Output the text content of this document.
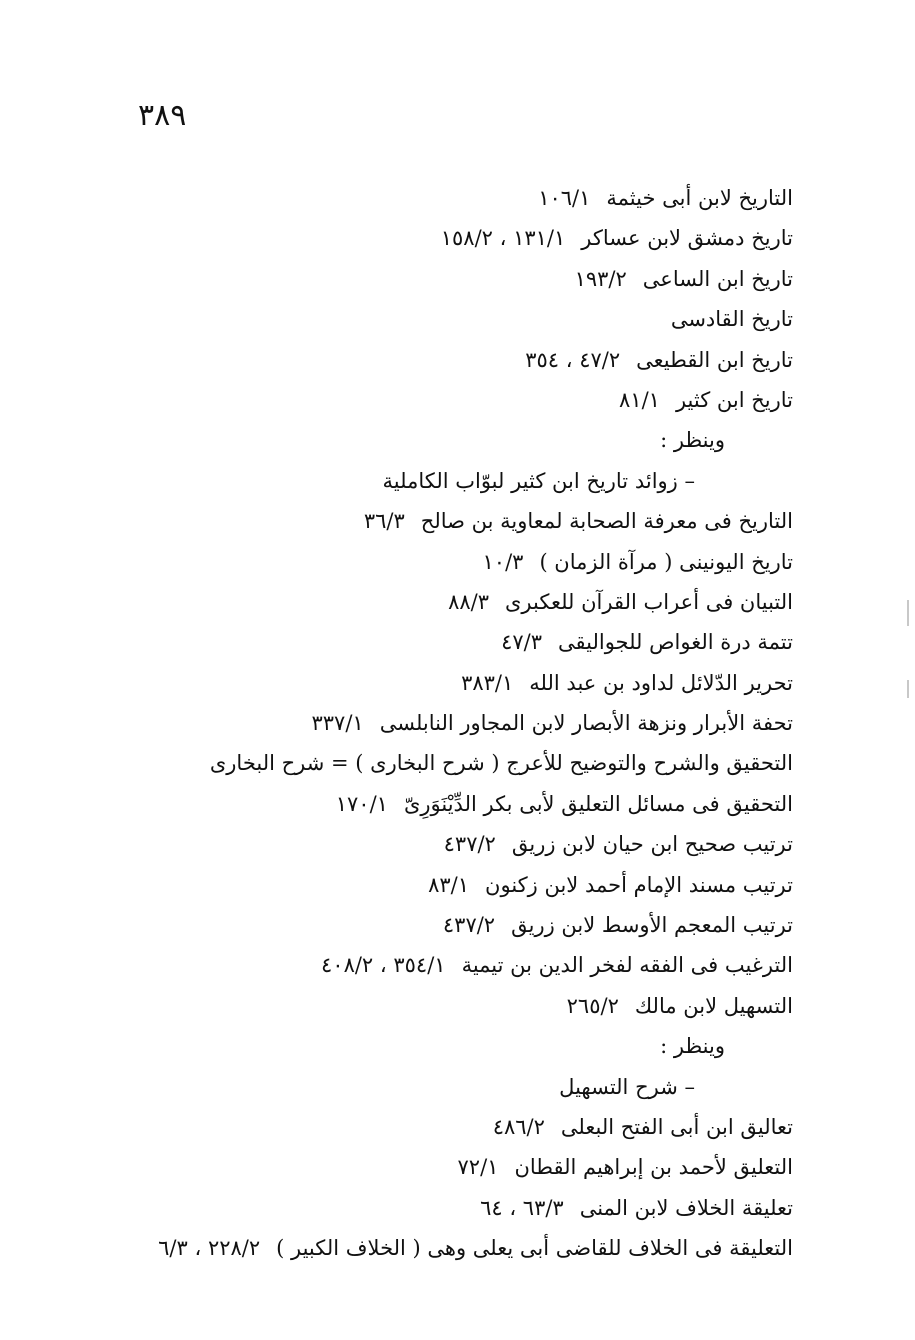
٣٨٩
التاريخ لابن أبى خيثمة١٠٦/١
تاريخ دمشق لابن عساكر١٣١/١ ، ١٥٨/٢
تاريخ ابن الساعى١٩٣/٢
تاريخ القادسى
تاريخ ابن القطيعى٤٧/٢ ، ٣٥٤
تاريخ ابن كثير٨١/١
وينظر :
– زوائد تاريخ ابن كثير لبوّاب الكاملية
التاريخ فى معرفة الصحابة لمعاوية بن صالح٣٦/٣
تاريخ اليونينى ( مرآة الزمان )١٠/٣
التبيان فى أعراب القرآن للعكبرى٨٨/٣
تتمة درة الغواص للجواليقى٤٧/٣
تحرير الدّلائل لداود بن عبد الله٣٨٣/١
تحفة الأبرار ونزهة الأبصار لابن المجاور النابلسى٣٣٧/١
التحقيق والشرح والتوضيح للأعرج ( شرح البخارى ) = شرح البخارى
التحقيق فى مسائل التعليق لأبى بكر الدِّيْنَوَرِىّ١٧٠/١
ترتيب صحيح ابن حيان لابن زريق٤٣٧/٢
ترتيب مسند الإمام أحمد لابن زكنون٨٣/١
ترتيب المعجم الأوسط لابن زريق٤٣٧/٢
الترغيب فى الفقه لفخر الدين بن تيمية٣٥٤/١ ، ٤٠٨/٢
التسهيل لابن مالك٢٦٥/٢
وينظر :
– شرح التسهيل
تعاليق ابن أبى الفتح البعلى٤٨٦/٢
التعليق لأحمد بن إبراهيم القطان٧٢/١
تعليقة الخلاف لابن المنى٦٣/٣ ، ٦٤
التعليقة فى الخلاف للقاضى أبى يعلى وهى ( الخلاف الكبير )٢٢٨/٢ ، ٦/٣
